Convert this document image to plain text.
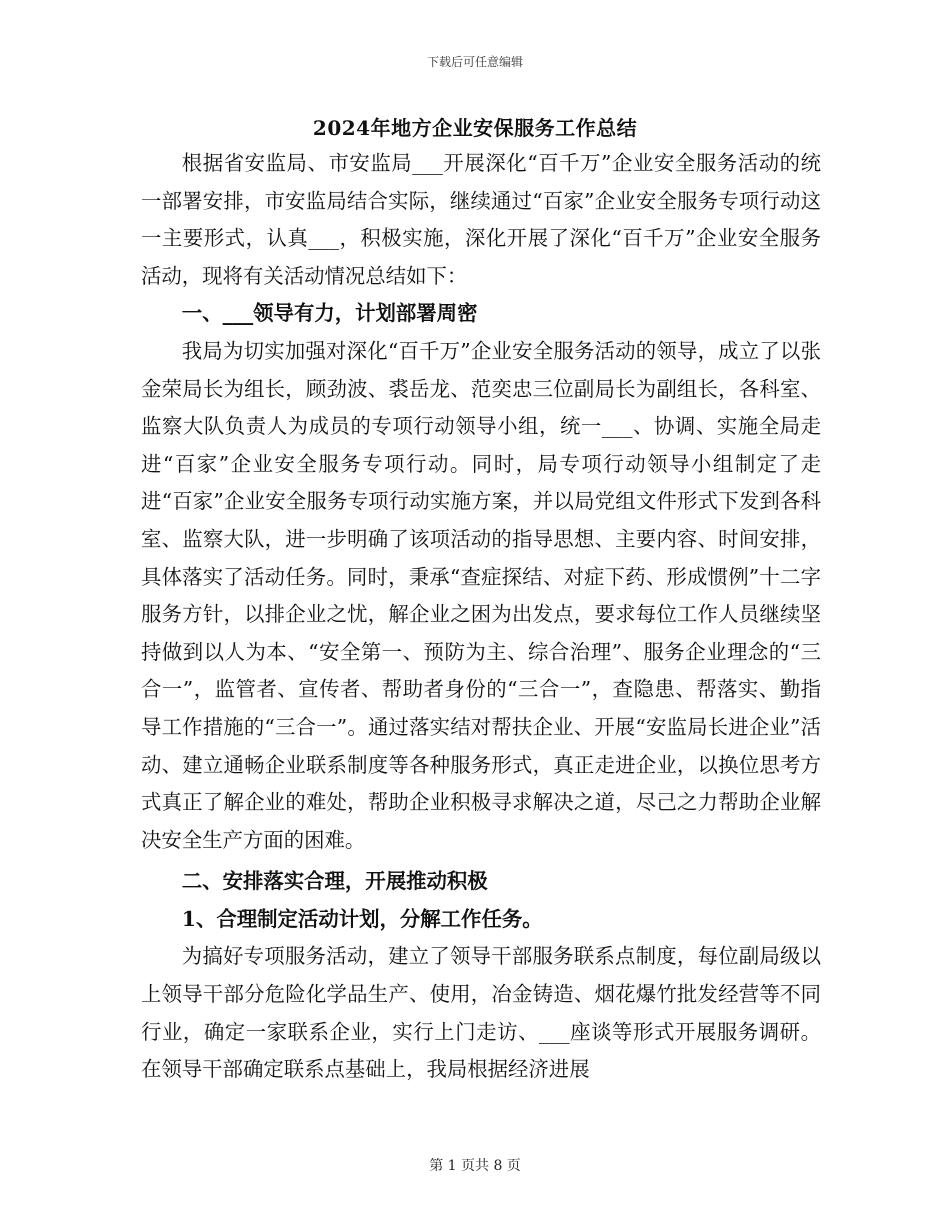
下载后可任意编辑
2024年地方企业安保服务工作总结

根据省安监局、市安监局___开展深化“百千万”企业安全服务活动的统一部署安排，市安监局结合实际，继续通过“百家”企业安全服务专项行动这一主要形式，认真___，积极实施，深化开展了深化“百千万”企业安全服务活动，现将有关活动情况总结如下：

一、___领导有力，计划部署周密

我局为切实加强对深化“百千万”企业安全服务活动的领导，成立了以张金荣局长为组长，顾劲波、裘岳龙、范奕忠三位副局长为副组长，各科室、监察大队负责人为成员的专项行动领导小组，统一___、协调、实施全局走进“百家”企业安全服务专项行动。同时，局专项行动领导小组制定了走进“百家”企业安全服务专项行动实施方案，并以局党组文件形式下发到各科室、监察大队，进一步明确了该项活动的指导思想、主要内容、时间安排，具体落实了活动任务。同时，秉承“查症探结、对症下药、形成惯例”十二字服务方针，以排企业之忧，解企业之困为出发点，要求每位工作人员继续坚持做到以人为本、“安全第一、预防为主、综合治理”、服务企业理念的“三合一”，监管者、宣传者、帮助者身份的“三合一”，查隐患、帮落实、勤指导工作措施的“三合一”。通过落实结对帮扶企业、开展“安监局长进企业”活动、建立通畅企业联系制度等各种服务形式，真正走进企业，以换位思考方式真正了解企业的难处，帮助企业积极寻求解决之道，尽己之力帮助企业解决安全生产方面的困难。

二、安排落实合理，开展推动积极

1、合理制定活动计划，分解工作任务。

为搞好专项服务活动，建立了领导干部服务联系点制度，每位副局级以上领导干部分危险化学品生产、使用，冶金铸造、烟花爆竹批发经营等不同行业，确定一家联系企业，实行上门走访、___座谈等形式开展服务调研。在领导干部确定联系点基础上，我局根据经济进展

第 1 页共 8 页
